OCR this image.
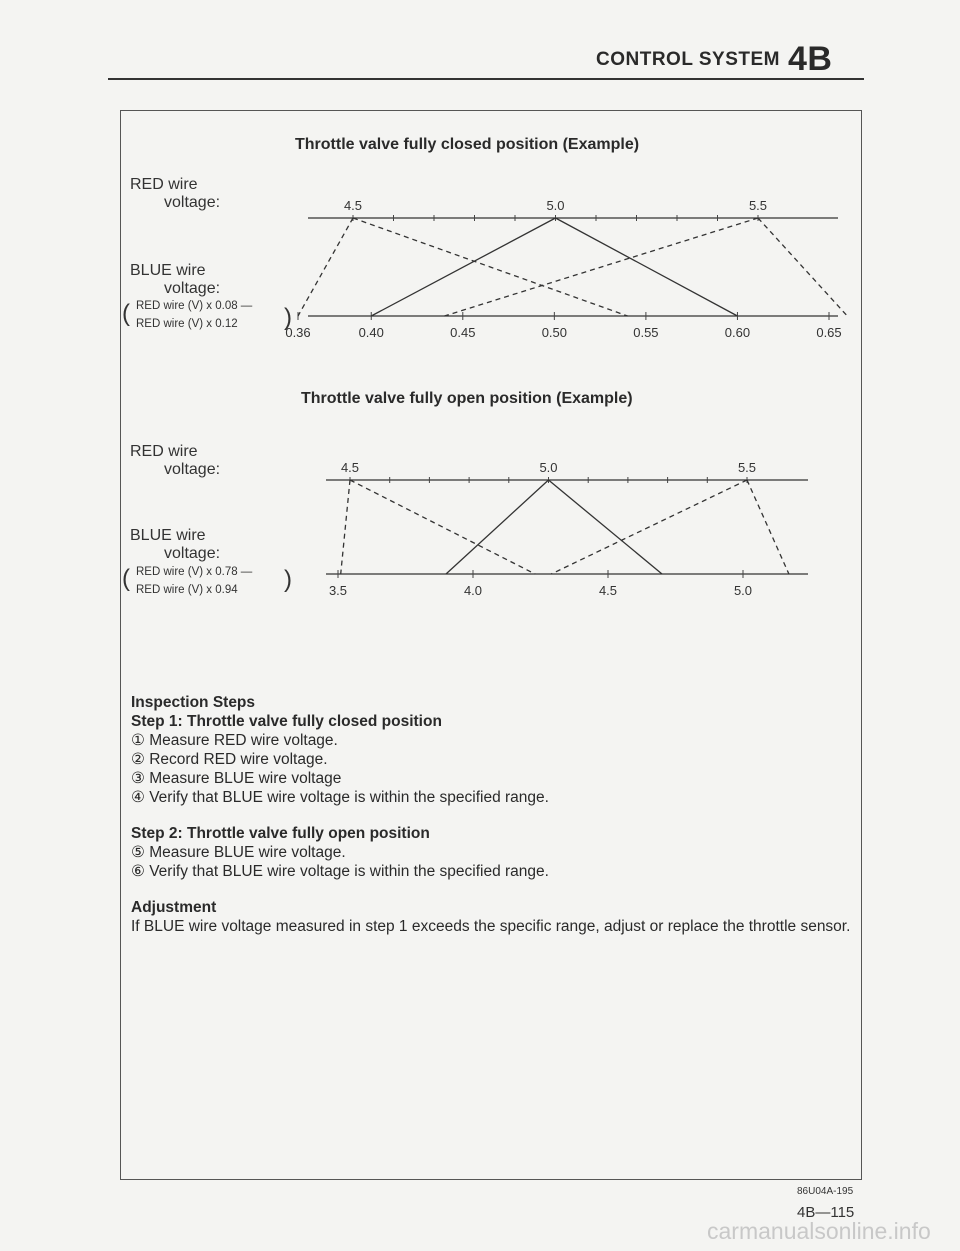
CONTROL SYSTEM 4B
Throttle valve fully closed position (Example)
RED wire
voltage:
BLUE wire
voltage:
( RED wire (V) x 0.08 —
RED wire (V) x 0.12 )
4.5	5.0	5.5
0.36	0.40	0.45	0.50	0.55	0.60	0.65
Throttle valve fully open position (Example)
RED wire
voltage:
BLUE wire
voltage:
( RED wire (V) x 0.78 —
RED wire (V) x 0.94 )
4.5	5.0	5.5
3.5	4.0	4.5	5.0
Inspection Steps
Step 1: Throttle valve fully closed position
① Measure RED wire voltage.
② Record RED wire voltage.
③ Measure BLUE wire voltage
④ Verify that BLUE wire voltage is within the specified range.
Step 2: Throttle valve fully open position
⑤ Measure BLUE wire voltage.
⑥ Verify that BLUE wire voltage is within the specified range.
Adjustment
If BLUE wire voltage measured in step 1 exceeds the specific range, adjust or replace the throttle sensor.
86U04A-195
4B—115
carmanualsonline.info
